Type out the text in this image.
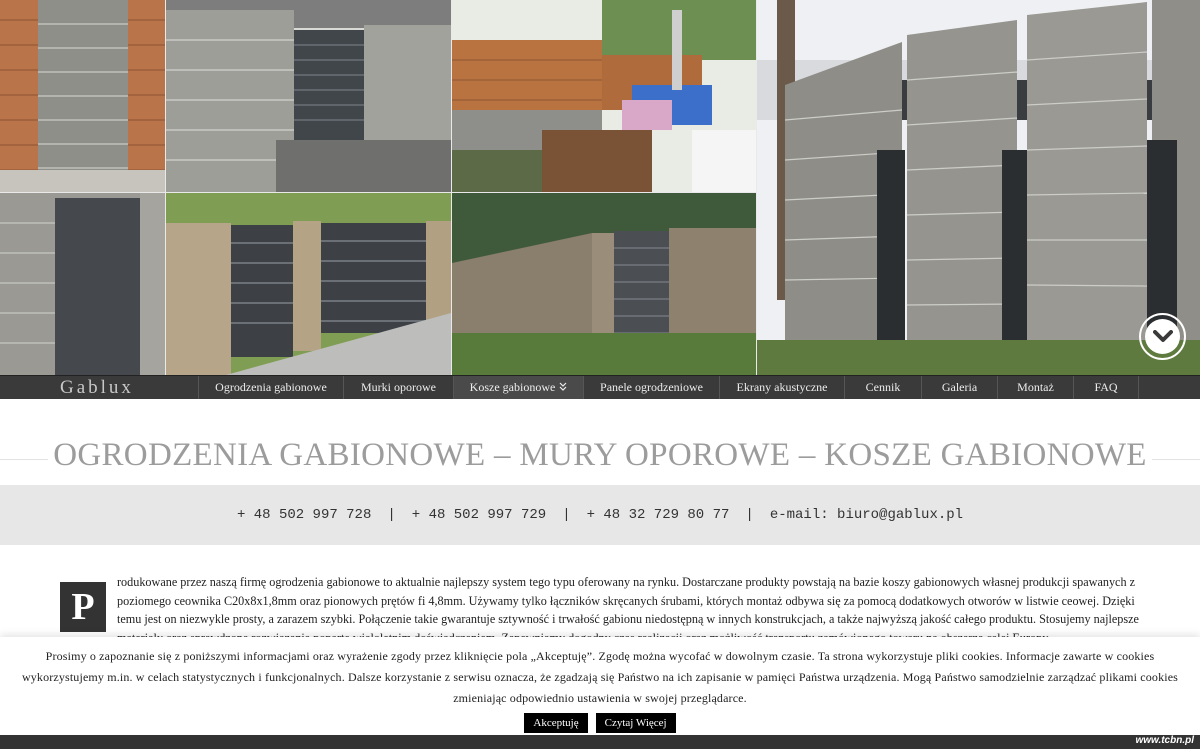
Gablux	Ogrodzenia gabionowe	Murki oporowe	Kosze gabionowe	Panele ogrodzeniowe	Ekrany akustyczne	Cennik	Galeria	Montaż	FAQ
OGRODZENIA GABIONOWE – MURY OPOROWE – KOSZE GABIONOWE
+ 48 502 997 728 | + 48 502 997 729 | + 48 32 729 80 77 | e-mail: biuro@gablux.pl
P

rodukowane przez naszą firmę ogrodzenia gabionowe to aktualnie najlepszy system tego typu oferowany na rynku. Dostarczane produkty powstają na bazie koszy gabionowych własnej produkcji spawanych z poziomego ceownika C20x8x1,8mm oraz pionowych prętów fi 4,8mm. Używamy tylko łączników skręcanych śrubami, których montaż odbywa się za pomocą dodatkowych otworów w listwie ceowej. Dzięki temu jest on niezwykle prosty, a zarazem szybki. Połączenie takie gwarantuje sztywność i trwałość gabionu niedostępną w innych konstrukcjach, a także najwyższą jakość całego produktu. Stosujemy najlepsze

Prosimy o zapoznanie się z poniższymi informacjami oraz wyrażenie zgody przez kliknięcie pola „Akceptuję”. Zgodę można wycofać w dowolnym czasie. Ta strona wykorzystuje pliki cookies. Informacje zawarte w cookies wykorzystujemy m.in. w celach statystycznych i funkcjonalnych. Dalsze korzystanie z serwisu oznacza, że zgadzają się Państwo na ich zapisanie w pamięci Państwa urządzenia. Mogą Państwo samodzielnie zarządzać plikami cookies zmieniając odpowiednio ustawienia w swojej przeglądarce.

Akceptuję	Czytaj Więcej
www.tcbn.pl
